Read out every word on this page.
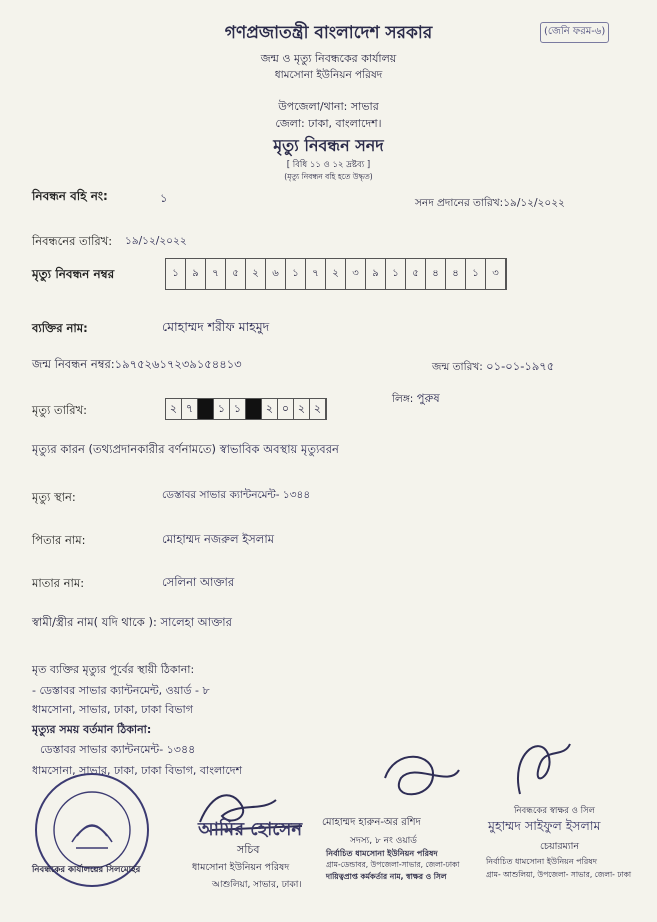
গণপ্রজাতন্ত্রী বাংলাদেশ সরকার	(জেনি ফরম-৬)
জন্ম ও মৃত্যু নিবন্ধকের কার্যালয়
ধামসোনা ইউনিয়ন পরিষদ
উপজেলা/থানা: সাভার
জেলা: ঢাকা, বাংলাদেশ।
মৃত্যু নিবন্ধন সনদ
[ বিধি ১১ ও ১২ দ্রষ্টব্য ]
(মৃত্যু নিবন্ধন বহি হতে উদ্ধৃত)
নিবন্ধন বহি নং:	১	সনদ প্রদানের তারিখ:১৯/১২/২০২২
নিবন্ধনের তারিখ: ১৯/১২/২০২২
মৃত্যু নিবন্ধন নম্বর	১	৯	৭	৫	২	৬	১	৭	২	৩	৯	১	৫	৪	৪	১	৩
ব্যক্তির নাম:	মোহাম্মদ শরীফ মাহমুদ
জন্ম নিবন্ধন নম্বর:১৯৭৫২৬১৭২৩৯১৫৪৪১৩	জন্ম তারিখ: ০১-০১-১৯৭৫
লিঙ্গ: পুরুষ
মৃত্যু তারিখ:	২ ৭	১ ১	২ ০ ২ ২
মৃত্যুর কারন (তথ্যপ্রদানকারীর বর্ণনামতে) স্বাভাবিক অবস্থায় মৃত্যুবরন
মৃত্যু স্থান:	ডেস্তাবর সাভার ক্যান্টনমেন্ট- ১৩৪৪
পিতার নাম:	মোহাম্মদ নজরুল ইসলাম
মাতার নাম:	সেলিনা আক্তার
স্বামী/স্ত্রীর নাম( যদি থাকে ): সালেহা আক্তার
মৃত ব্যক্তির মৃত্যুর পূর্বের স্থায়ী ঠিকানা:
- ডেস্তাবর সাভার ক্যান্টনমেন্ট, ওয়ার্ড - ৮
ধামসোনা, সাভার, ঢাকা, ঢাকা বিভাগ
মৃত্যুর সময় বর্তমান ঠিকানা:
ডেস্তাবর সাভার ক্যান্টনমেন্ট- ১৩৪৪
ধামসোনা, সাভার, ঢাকা, ঢাকা বিভাগ, বাংলাদেশ
আমির হোসেন
সচিব
ধামসোনা ইউনিয়ন পরিষদ
আশুলিয়া, সাভার, ঢাকা।
নিবন্ধকের কার্যালয়ের সিলমোহর
মোহাম্মদ হারুন-অর রশিদ
সদস্য, ৮ নং ওয়ার্ড
নির্বাচিত ধামসোনা ইউনিয়ন পরিষদ
গ্রাম-ডেন্ডাবর, উপজেলা-সাভার, জেলা-ঢাকা
দায়িত্বপ্রাপ্ত কর্মকর্তার নাম, স্বাক্ষর ও সিল
নিবন্ধকের স্বাক্ষর ও সিল
মুহাম্মদ সাইফুল ইসলাম
চেয়ারম্যান
নির্বাচিত ধামসোনা ইউনিয়ন পরিষদ
গ্রাম- আশুলিয়া, উপজেলা- সাভার, জেলা- ঢাকা
